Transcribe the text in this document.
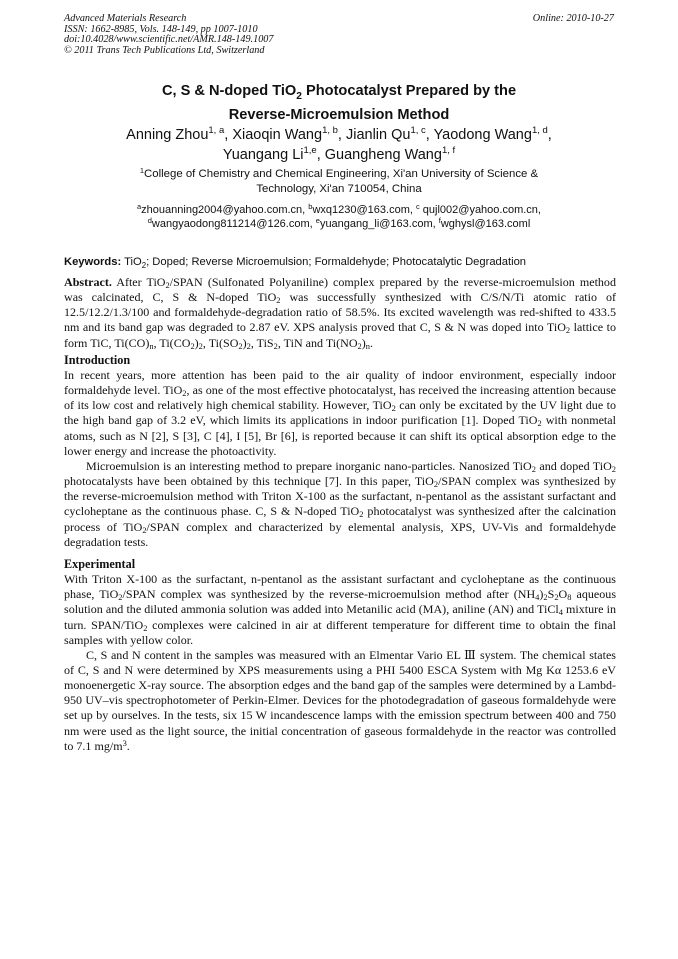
Advanced Materials Research
ISSN: 1662-8985, Vols. 148-149, pp 1007-1010
doi:10.4028/www.scientific.net/AMR.148-149.1007
© 2011 Trans Tech Publications Ltd, Switzerland
Online: 2010-10-27
C, S & N-doped TiO$_2$ Photocatalyst Prepared by the
Reverse-Microemulsion Method
Anning Zhou$^{1, a}$, Xiaoqin Wang$^{1, b}$, Jianlin Qu$^{1, c}$, Yaodong Wang$^{1, d}$,
Yuangang Li$^{1,e}$, Guangheng Wang$^{1, f}$
$^1$College of Chemistry and Chemical Engineering, Xi'an University of Science &
Technology, Xi'an 710054, China
$^a$zhouanning2004@yahoo.com.cn, $^b$wxq1230@163.com, $^c$ qujl002@yahoo.com.cn,
$^d$wangyaodong811214@126.com, $^e$yuangang_li@163.com, $^f$wghysl@163.coml
Keywords: TiO$_2$; Doped; Reverse Microemulsion; Formaldehyde; Photocatalytic Degradation

Abstract. After TiO$_2$/SPAN (Sulfonated Polyaniline) complex prepared by the reverse-microemulsion method was calcinated, C, S & N-doped TiO$_2$ was successfully synthesized with C/S/N/Ti atomic ratio of 12.5/12.2/1.3/100 and formaldehyde-degradation ratio of 58.5%. Its excited wavelength was red-shifted to 433.5 nm and its band gap was degraded to 2.87 eV. XPS analysis proved that C, S & N was doped into TiO$_2$ lattice to form TiC, $Ti(CO)_n$, $Ti(CO_2)_2$, $Ti(SO_2)_2$, TiS$_2$, TiN and $Ti(NO_2)_n$.

Introduction

In recent years, more attention has been paid to the air quality of indoor environment, especially indoor formaldehyde level. TiO$_2$, as one of the most effective photocatalyst, has received the increasing attention because of its low cost and relatively high chemical stability. However, TiO$_2$ can only be excitated by the UV light due to the high band gap of 3.2 eV, which limits its applications in indoor purification [1]. Doped TiO$_2$ with nonmetal atoms, such as N [2], S [3], C [4], I [5], Br [6], is reported because it can shift its optical absorption edge to the lower energy and increase the photoactivity.

Microemulsion is an interesting method to prepare inorganic nano-particles. Nanosized TiO$_2$ and doped TiO$_2$ photocatalysts have been obtained by this technique [7]. In this paper, TiO$_2$/SPAN complex was synthesized by the reverse-microemulsion method with Triton X-100 as the surfactant, n-pentanol as the assistant surfactant and cycloheptane as the continuous phase. C, S & N-doped TiO$_2$ photocatalyst was synthesized after the calcination process of TiO$_2$/SPAN complex and characterized by elemental analysis, XPS, UV-Vis and formaldehyde degradation tests.

Experimental

With Triton X-100 as the surfactant, n-pentanol as the assistant surfactant and cycloheptane as the continuous phase, TiO$_2$/SPAN complex was synthesized by the reverse-microemulsion method after $(NH_4)_2S_2O_8$ aqueous solution and the diluted ammonia solution was added into Metanilic acid (MA), aniline (AN) and TiCl$_4$ mixture in turn. SPAN/TiO$_2$ complexes were calcined in air at different temperature for different time to obtain the final samples with yellow color.

C, S and N content in the samples was measured with an Elmentar Vario EL Ⅲ system. The chemical states of C, S and N were determined by XPS measurements using a PHI 5400 ESCA System with Mg Kα 1253.6 eV monoenergetic X-ray source. The absorption edges and the band gap of the samples were determined by a Lambd-950 UV–vis spectrophotometer of Perkin-Elmer. Devices for the photodegradation of gaseous formaldehyde were set up by ourselves. In the tests, six 15 W incandescence lamps with the emission spectrum between 400 and 750 nm were used as the light source, the initial concentration of gaseous formaldehyde in the reactor was controlled to 7.1 $mg/m^3$.
